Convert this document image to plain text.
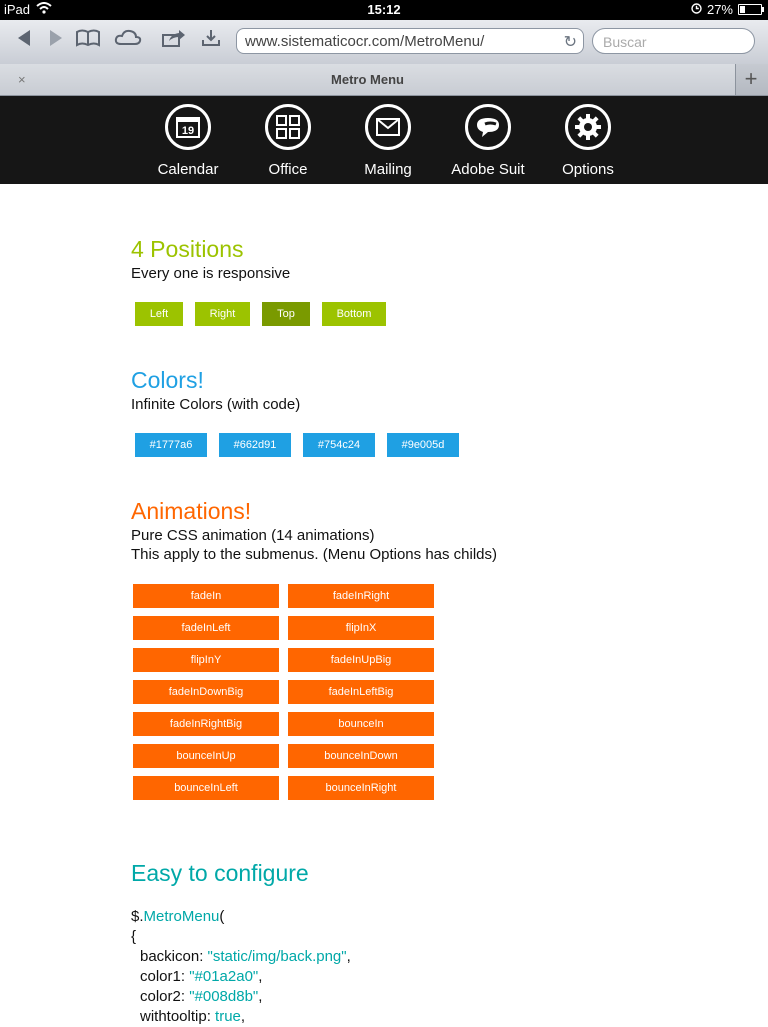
iPad	15:12	27%
www.sistematicocr.com/MetroMenu/	↻	Buscar
×	Metro Menu	+
19
Calendar	Office	Mailing	Adobe Suit	Options
4 Positions
Every one is responsive
Left	Right	Top	Bottom
Colors!
Infinite Colors (with code)
#1777a6	#662d91	#754c24	#9e005d
Animations!
Pure CSS animation (14 animations)
This apply to the submenus. (Menu Options has childs)
fadeIn	fadeInRight
fadeInLeft	flipInX
flipInY	fadeInUpBig
fadeInDownBig	fadeInLeftBig
fadeInRightBig	bounceIn
bounceInUp	bounceInDown
bounceInLeft	bounceInRight
Easy to configure
$.MetroMenu(
{
backicon: "static/img/back.png",
color1: "#01a2a0",
color2: "#008d8b",
withtooltip: true,
